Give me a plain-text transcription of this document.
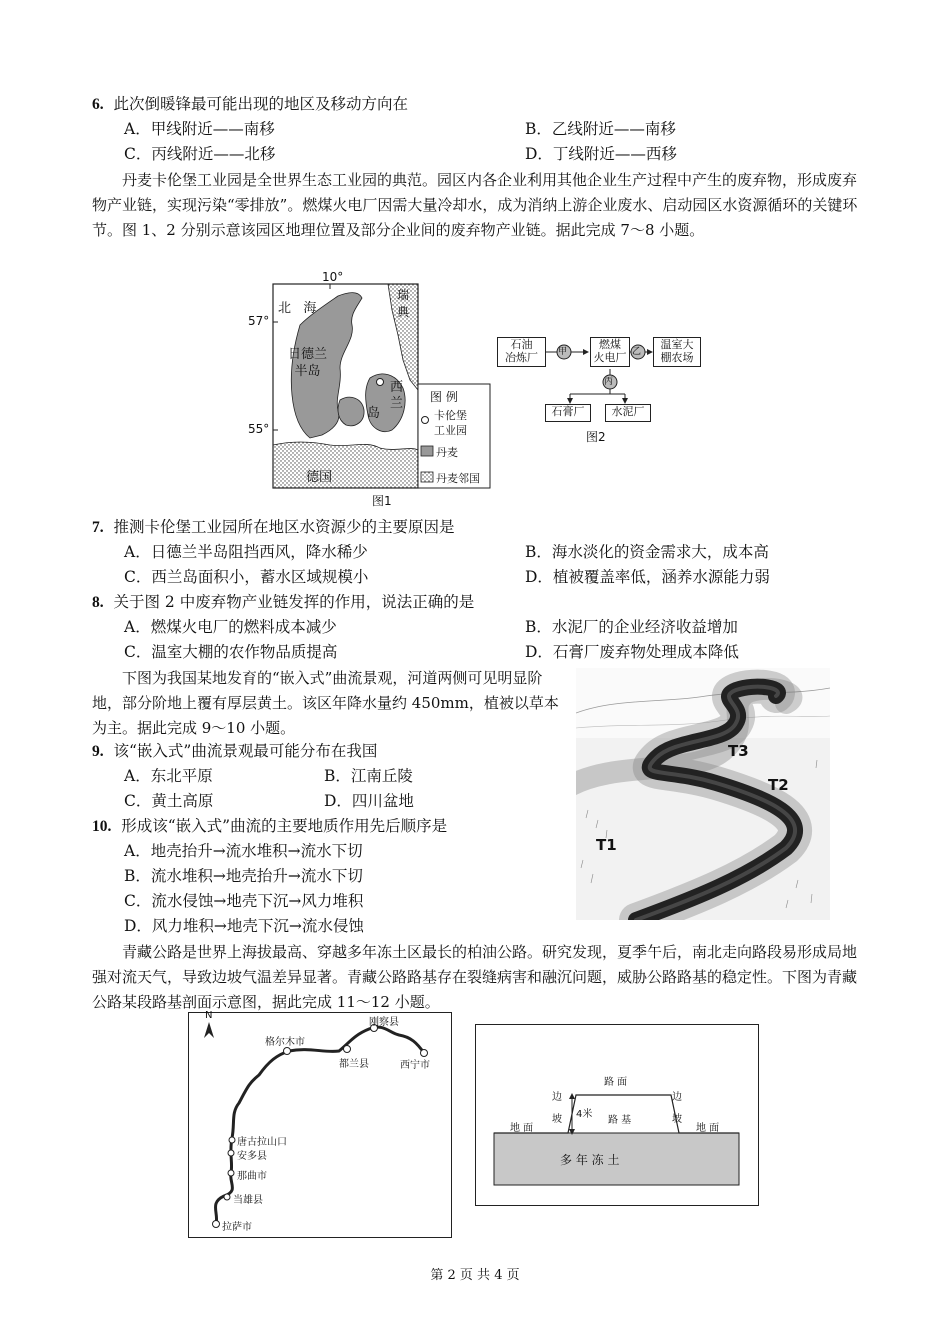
6. 此次倒暖锋最可能出现的地区及移动方向在
A．甲线附近——南移	B．乙线附近——南移
C．丙线附近——北移	D．丁线附近——西移
丹麦卡伦堡工业园是全世界生态工业园的典范。园区内各企业利用其他企业生产过程中产生的废弃物，形成废弃物产业链，实现污染“零排放”。燃煤火电厂因需大量冷却水，成为消纳上游企业废水、启动园区水资源循环的关键环节。图 1、2 分别示意该园区地理位置及部分企业间的废弃物产业链。据此完成 7～8 小题。
10°
57°
55°
北 海
瑞
典
日德兰
半岛
西
兰
岛
德国
图 例
卡伦堡
工业园
丹麦
丹麦邻国
图1
石油
冶炼厂
燃煤
火电厂
温室大
棚农场
石膏厂	水泥厂
甲	乙
丙
图2
7. 推测卡伦堡工业园所在地区水资源少的主要原因是
A．日德兰半岛阻挡西风，降水稀少	B．海水淡化的资金需求大，成本高
C．西兰岛面积小，蓄水区域规模小	D．植被覆盖率低，涵养水源能力弱
8. 关于图 2 中废弃物产业链发挥的作用，说法正确的是
A．燃煤火电厂的燃料成本减少	B．水泥厂的企业经济收益增加
C．温室大棚的农作物品质提高	D．石膏厂废弃物处理成本降低
下图为我国某地发育的“嵌入式”曲流景观，河道两侧可见明显阶地，部分阶地上覆有厚层黄土。该区年降水量约 450mm，植被以草本为主。据此完成 9～10 小题。
T3
T2
T1
9. 该“嵌入式”曲流景观最可能分布在我国
A．东北平原	B．江南丘陵
C．黄土高原	D．四川盆地
10. 形成该“嵌入式”曲流的主要地质作用先后顺序是
A．地壳抬升→流水堆积→流水下切
B．流水堆积→地壳抬升→流水下切
C．流水侵蚀→地壳下沉→风力堆积
D．风力堆积→地壳下沉→流水侵蚀
青藏公路是世界上海拔最高、穿越多年冻土区最长的柏油公路。研究发现，夏季午后，南北走向路段易形成局地强对流天气，导致边坡气温差异显著。青藏公路路基存在裂缝病害和融沉问题，威胁公路路基的稳定性。下图为青藏公路某段路基剖面示意图，据此完成 11～12 小题。
N
刚察县
格尔木市
都兰县	西宁市
唐古拉山口
安多县
那曲市
当雄县
拉萨市
路 面
边
坡
边
坡
4米
路 基
地 面	地 面
多 年 冻 土
第 2 页 共 4 页
